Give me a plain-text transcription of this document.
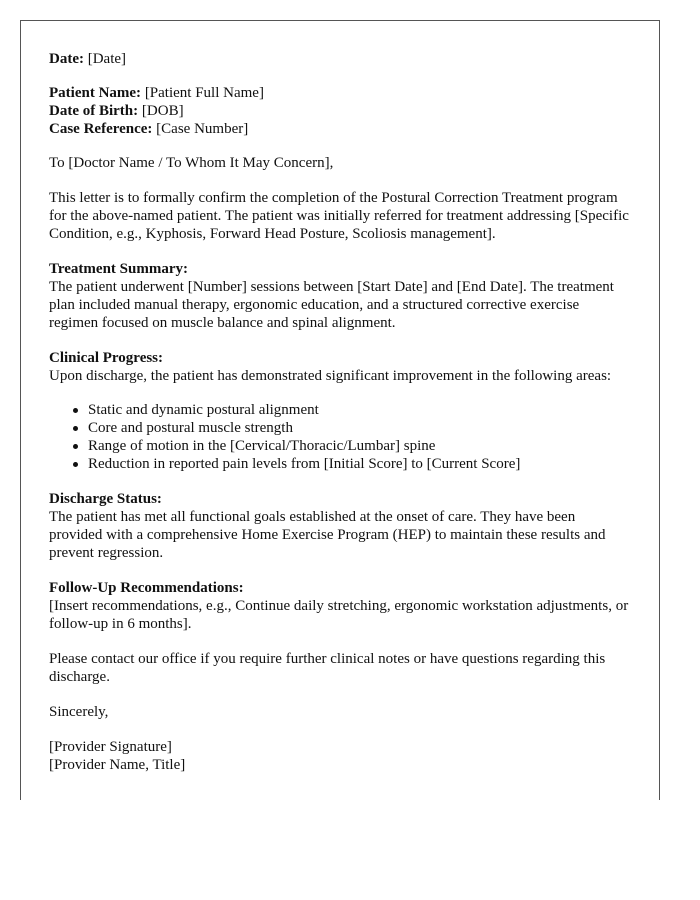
Date: [Date]

Patient Name: [Patient Full Name]

Date of Birth: [DOB]

Case Reference: [Case Number]

To [Doctor Name / To Whom It May Concern],

This letter is to formally confirm the completion of the Postural Correction Treatment program for the above-named patient. The patient was initially referred for treatment addressing [Specific Condition, e.g., Kyphosis, Forward Head Posture, Scoliosis management].

Treatment Summary:

The patient underwent [Number] sessions between [Start Date] and [End Date]. The treatment plan included manual therapy, ergonomic education, and a structured corrective exercise regimen focused on muscle balance and spinal alignment.

Clinical Progress:

Upon discharge, the patient has demonstrated significant improvement in the following areas:

Static and dynamic postural alignment
Core and postural muscle strength
Range of motion in the [Cervical/Thoracic/Lumbar] spine
Reduction in reported pain levels from [Initial Score] to [Current Score]

Discharge Status:

The patient has met all functional goals established at the onset of care. They have been provided with a comprehensive Home Exercise Program (HEP) to maintain these results and prevent regression.

Follow-Up Recommendations:

[Insert recommendations, e.g., Continue daily stretching, ergonomic workstation adjustments, or follow-up in 6 months].

Please contact our office if you require further clinical notes or have questions regarding this discharge.

Sincerely,

[Provider Signature]

[Provider Name, Title]
